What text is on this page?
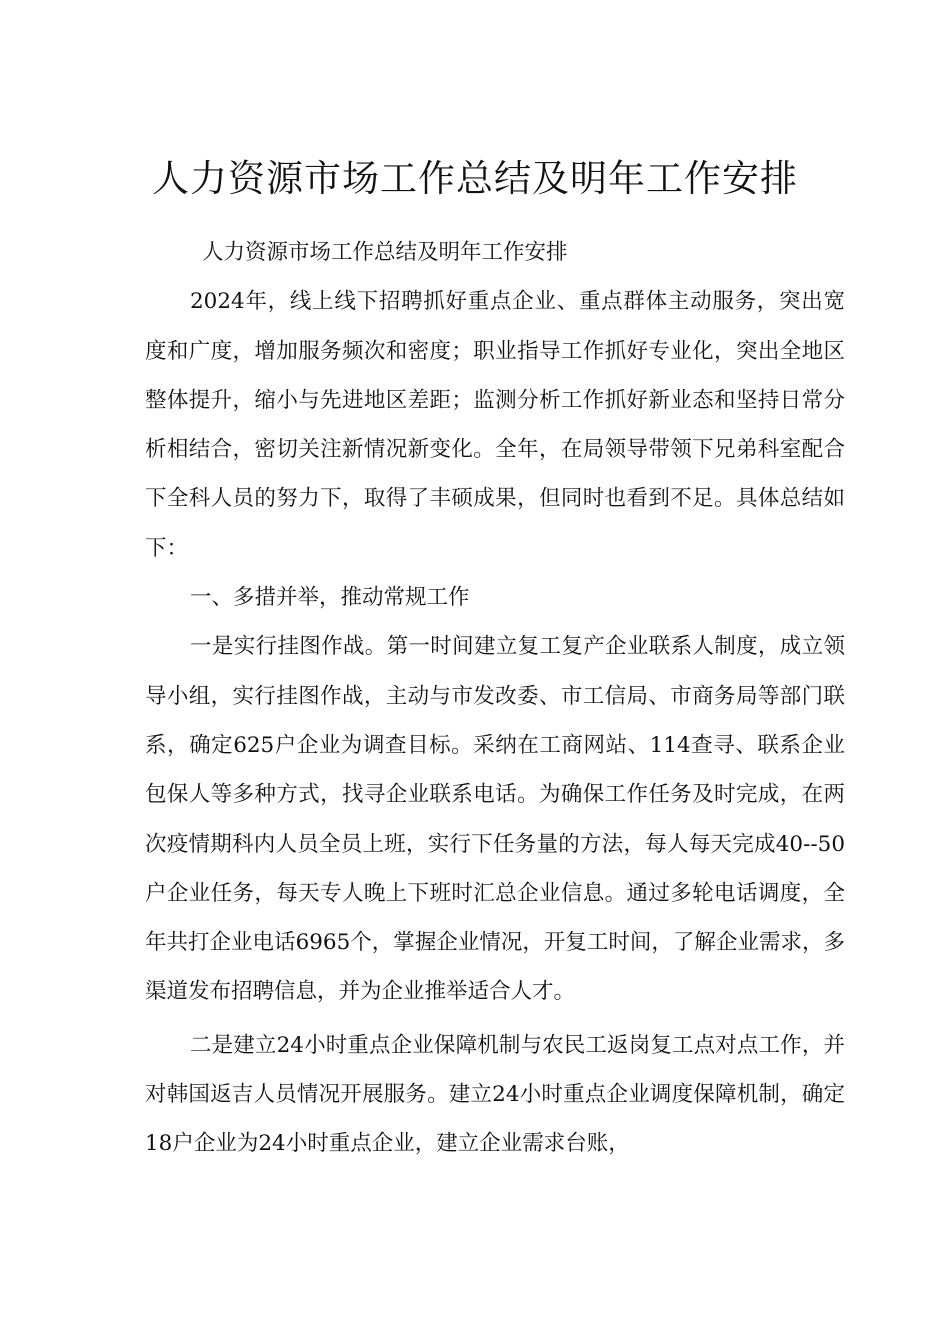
人力资源市场工作总结及明年工作安排

人力资源市场工作总结及明年工作安排

2024年，线上线下招聘抓好重点企业、重点群体主动服务，突出宽度和广度，增加服务频次和密度；职业指导工作抓好专业化，突出全地区整体提升，缩小与先进地区差距；监测分析工作抓好新业态和坚持日常分析相结合，密切关注新情况新变化。全年，在局领导带领下兄弟科室配合下全科人员的努力下，取得了丰硕成果，但同时也看到不足。具体总结如下：

一、多措并举，推动常规工作

一是实行挂图作战。第一时间建立复工复产企业联系人制度，成立领导小组，实行挂图作战，主动与市发改委、市工信局、市商务局等部门联系，确定625户企业为调查目标。采纳在工商网站、114查寻、联系企业包保人等多种方式，找寻企业联系电话。为确保工作任务及时完成，在两次疫情期科内人员全员上班，实行下任务量的方法，每人每天完成40--50户企业任务，每天专人晚上下班时汇总企业信息。通过多轮电话调度，全年共打企业电话6965个，掌握企业情况，开复工时间，了解企业需求，多渠道发布招聘信息，并为企业推举适合人才。

二是建立24小时重点企业保障机制与农民工返岗复工点对点工作，并对韩国返吉人员情况开展服务。建立24小时重点企业调度保障机制，确定18户企业为24小时重点企业，建立企业需求台账，
